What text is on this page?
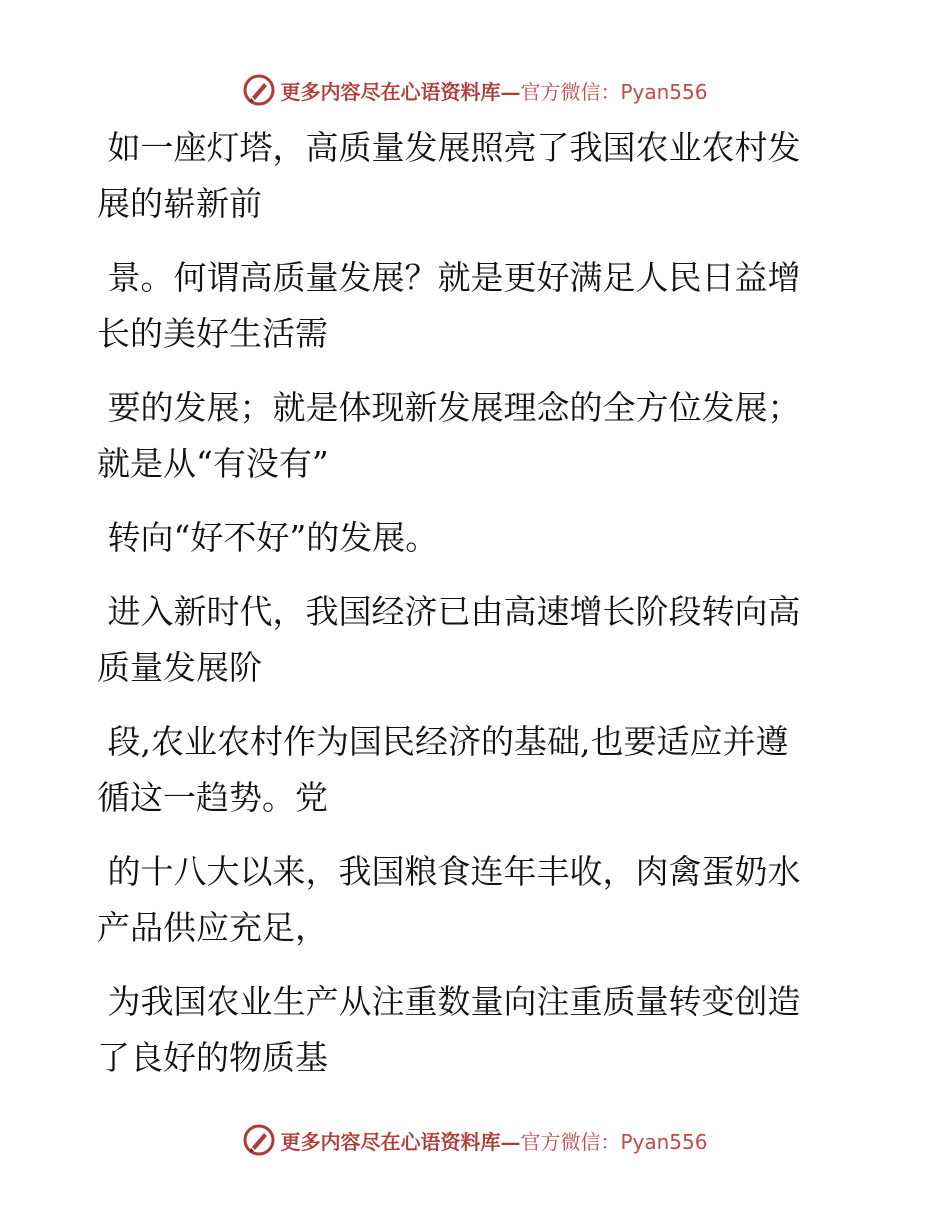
更多内容尽在心语资料库—官方微信：Pyan556

如一座灯塔，高质量发展照亮了我国农业农村发
展的崭新前

景。何谓高质量发展？就是更好满足人民日益增
长的美好生活需

要的发展；就是体现新发展理念的全方位发展；
就是从“有没有”

转向“好不好”的发展。

进入新时代，我国经济已由高速增长阶段转向高
质量发展阶

段,农业农村作为国民经济的基础,也要适应并遵
循这一趋势。党

的十八大以来，我国粮食连年丰收，肉禽蛋奶水
产品供应充足，

为我国农业生产从注重数量向注重质量转变创造
了良好的物质基

更多内容尽在心语资料库—官方微信：Pyan556
